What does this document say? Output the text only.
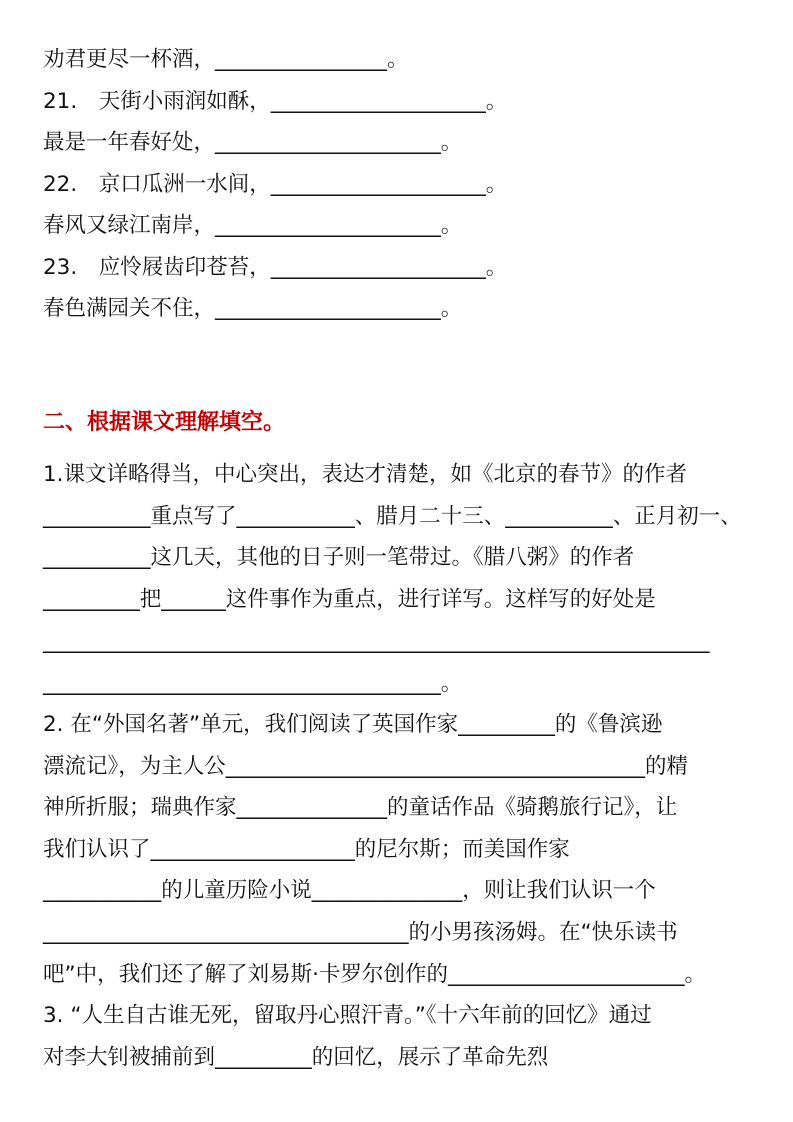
劝君更尽一杯酒，________________。
21.　天街小雨润如酥，____________________。
最是一年春好处，_____________________。
22.　京口瓜洲一水间，____________________。
春风又绿江南岸，_____________________。
23.　应怜屐齿印苍苔，____________________。
春色满园关不住，_____________________。
二、根据课文理解填空。
1.课文详略得当，中心突出，表达才清楚，如《北京的春节》的作者
__________重点写了___________、腊月二十三、__________、正月初一、
__________这几天，其他的日子则一笔带过。《腊八粥》的作者
_________把______这件事作为重点，进行详写。这样写的好处是
______________________________________________________________
_____________________________________。
2. 在“外国名著”单元，我们阅读了英国作家_________的《鲁滨逊
漂流记》，为主人公_______________________________________的精
神所折服；瑞典作家______________的童话作品《骑鹅旅行记》，让
我们认识了___________________的尼尔斯；而美国作家
___________的儿童历险小说______________，则让我们认识一个
__________________________________的小男孩汤姆。在“快乐读书
吧”中，我们还了解了刘易斯·卡罗尔创作的______________________。
3. “人生自古谁无死，留取丹心照汗青。”《十六年前的回忆》通过
对李大钊被捕前到_________的回忆，展示了革命先烈
